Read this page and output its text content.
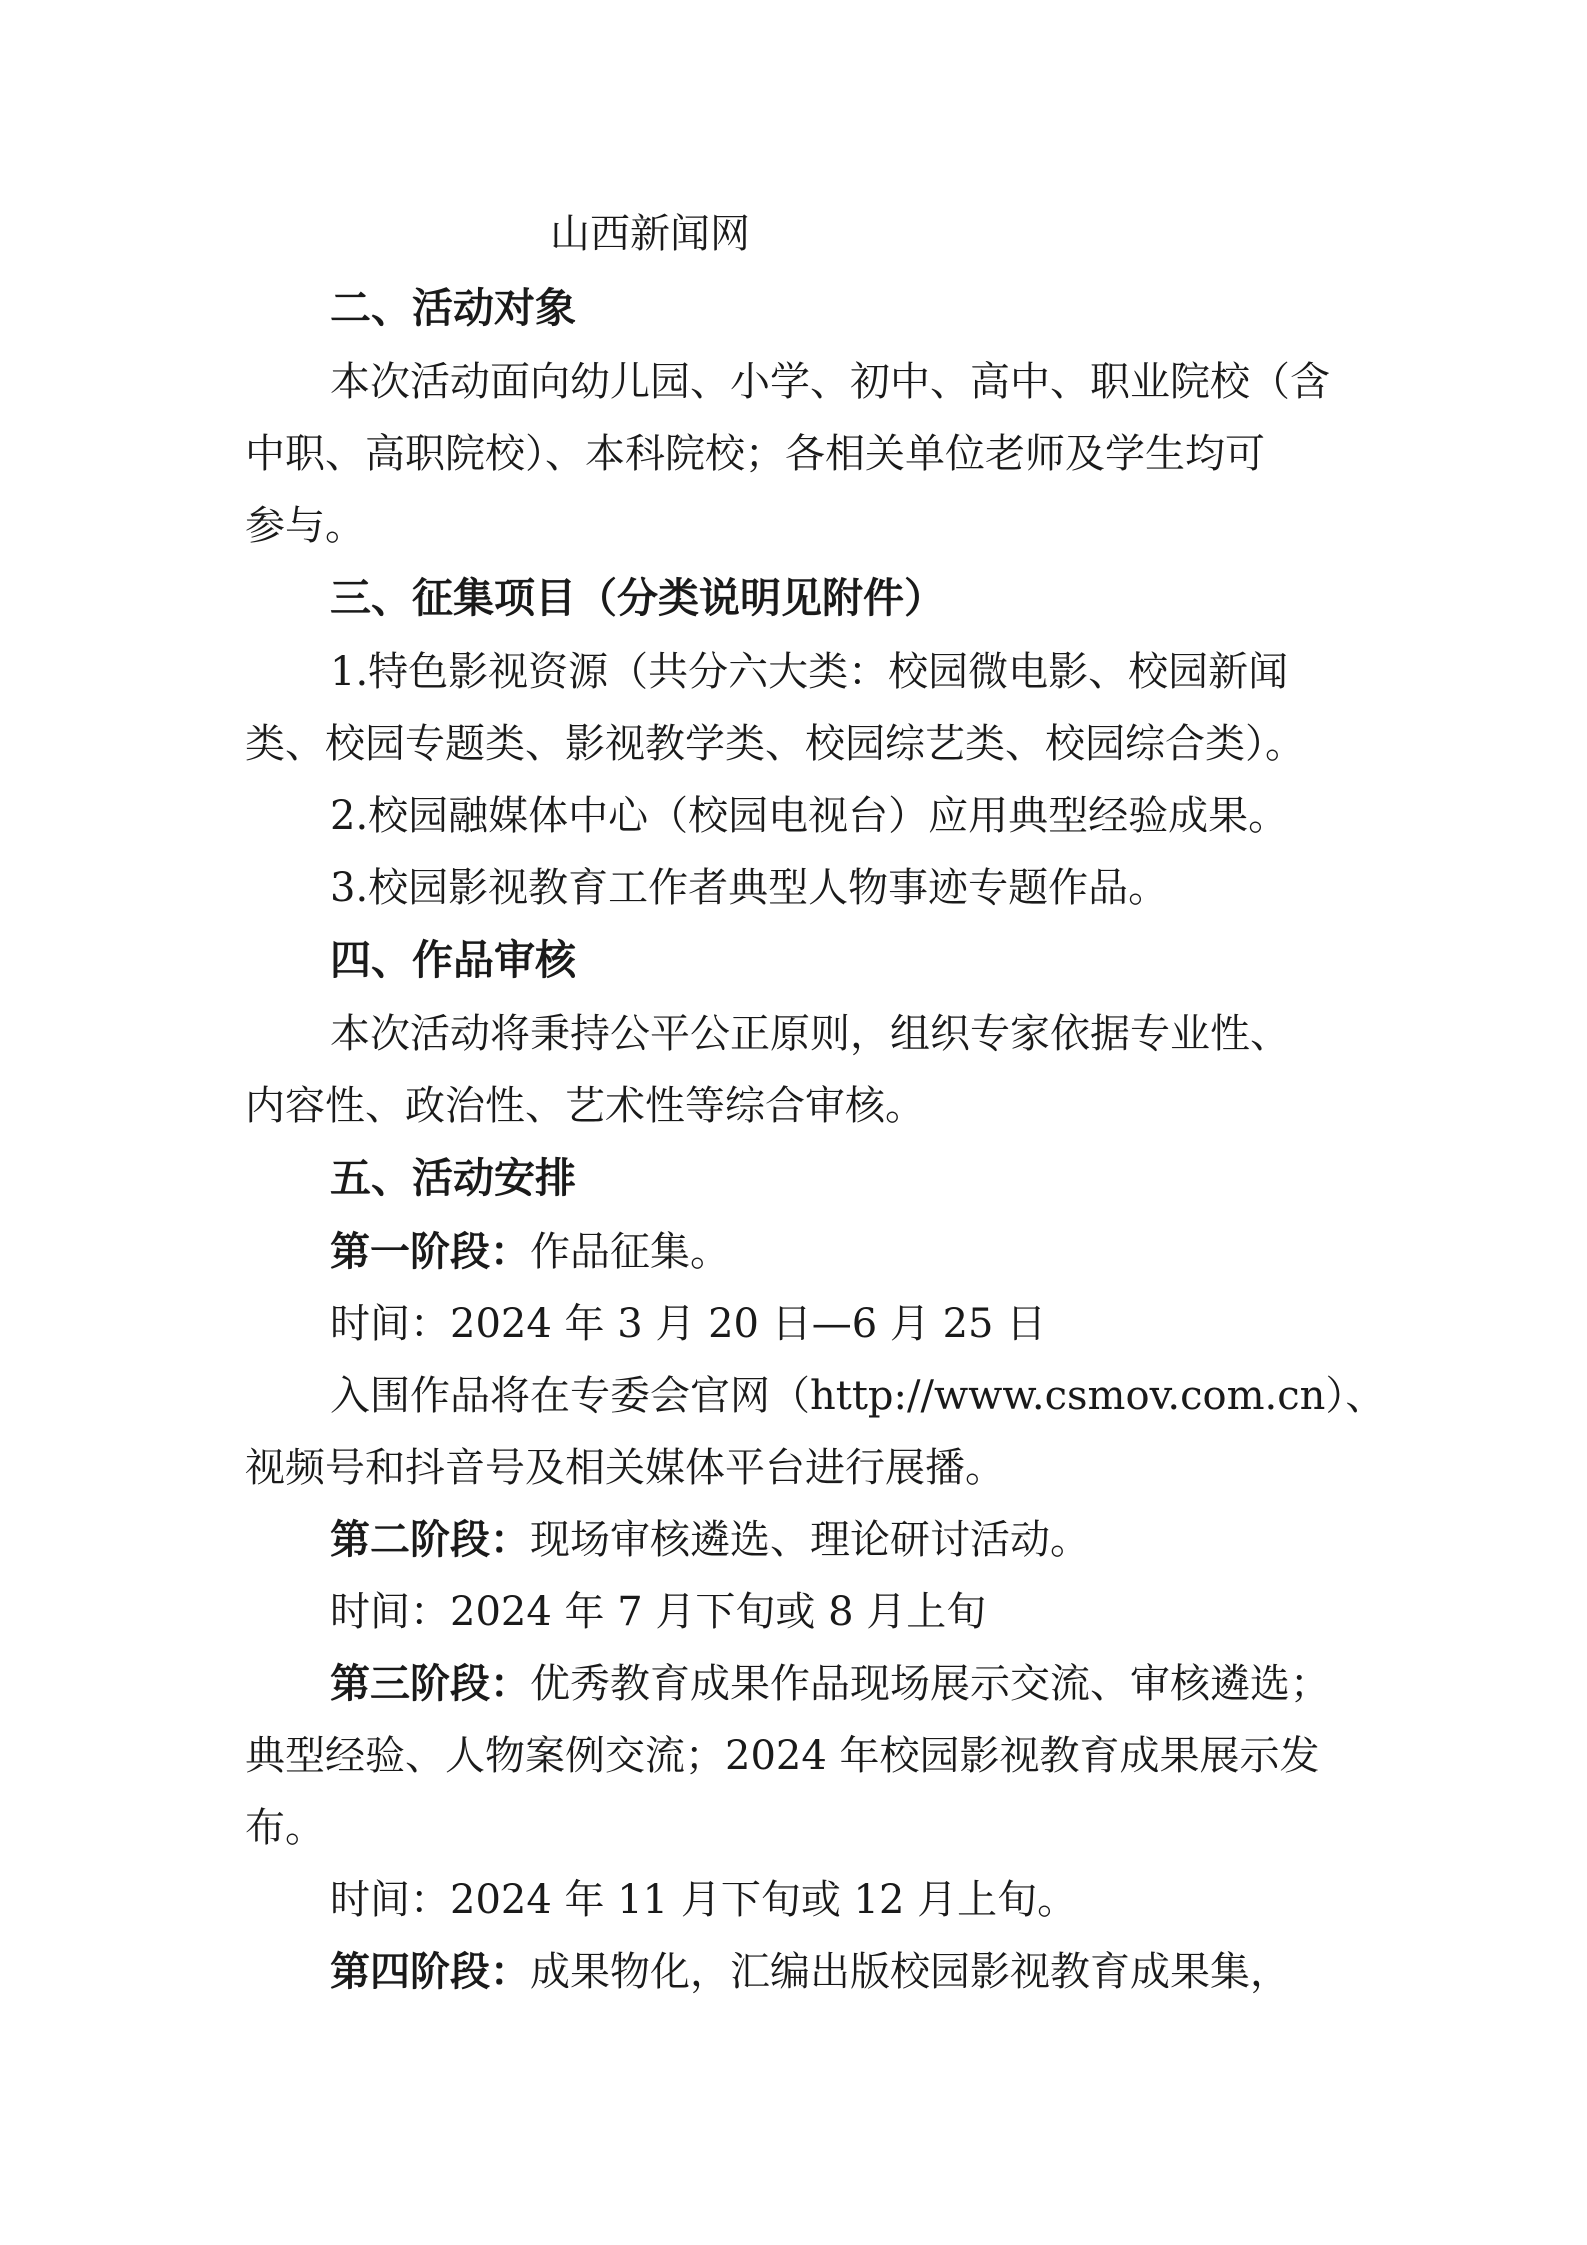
山西新闻网
二、活动对象
本次活动面向幼儿园、小学、初中、高中、职业院校（含
中职、高职院校）、本科院校；各相关单位老师及学生均可
参与。
三、征集项目（分类说明见附件）
1.特色影视资源（共分六大类：校园微电影、校园新闻
类、校园专题类、影视教学类、校园综艺类、校园综合类）。
2.校园融媒体中心（校园电视台）应用典型经验成果。
3.校园影视教育工作者典型人物事迹专题作品。
四、作品审核
本次活动将秉持公平公正原则，组织专家依据专业性、
内容性、政治性、艺术性等综合审核。
五、活动安排
第一阶段：作品征集。
时间：2024 年 3 月 20 日—6 月 25 日
入围作品将在专委会官网（http://www.csmov.com.cn）、
视频号和抖音号及相关媒体平台进行展播。
第二阶段：现场审核遴选、理论研讨活动。
时间：2024 年 7 月下旬或 8 月上旬
第三阶段：优秀教育成果作品现场展示交流、审核遴选；
典型经验、人物案例交流；2024 年校园影视教育成果展示发
布。
时间：2024 年 11 月下旬或 12 月上旬。
第四阶段：成果物化，汇编出版校园影视教育成果集，
